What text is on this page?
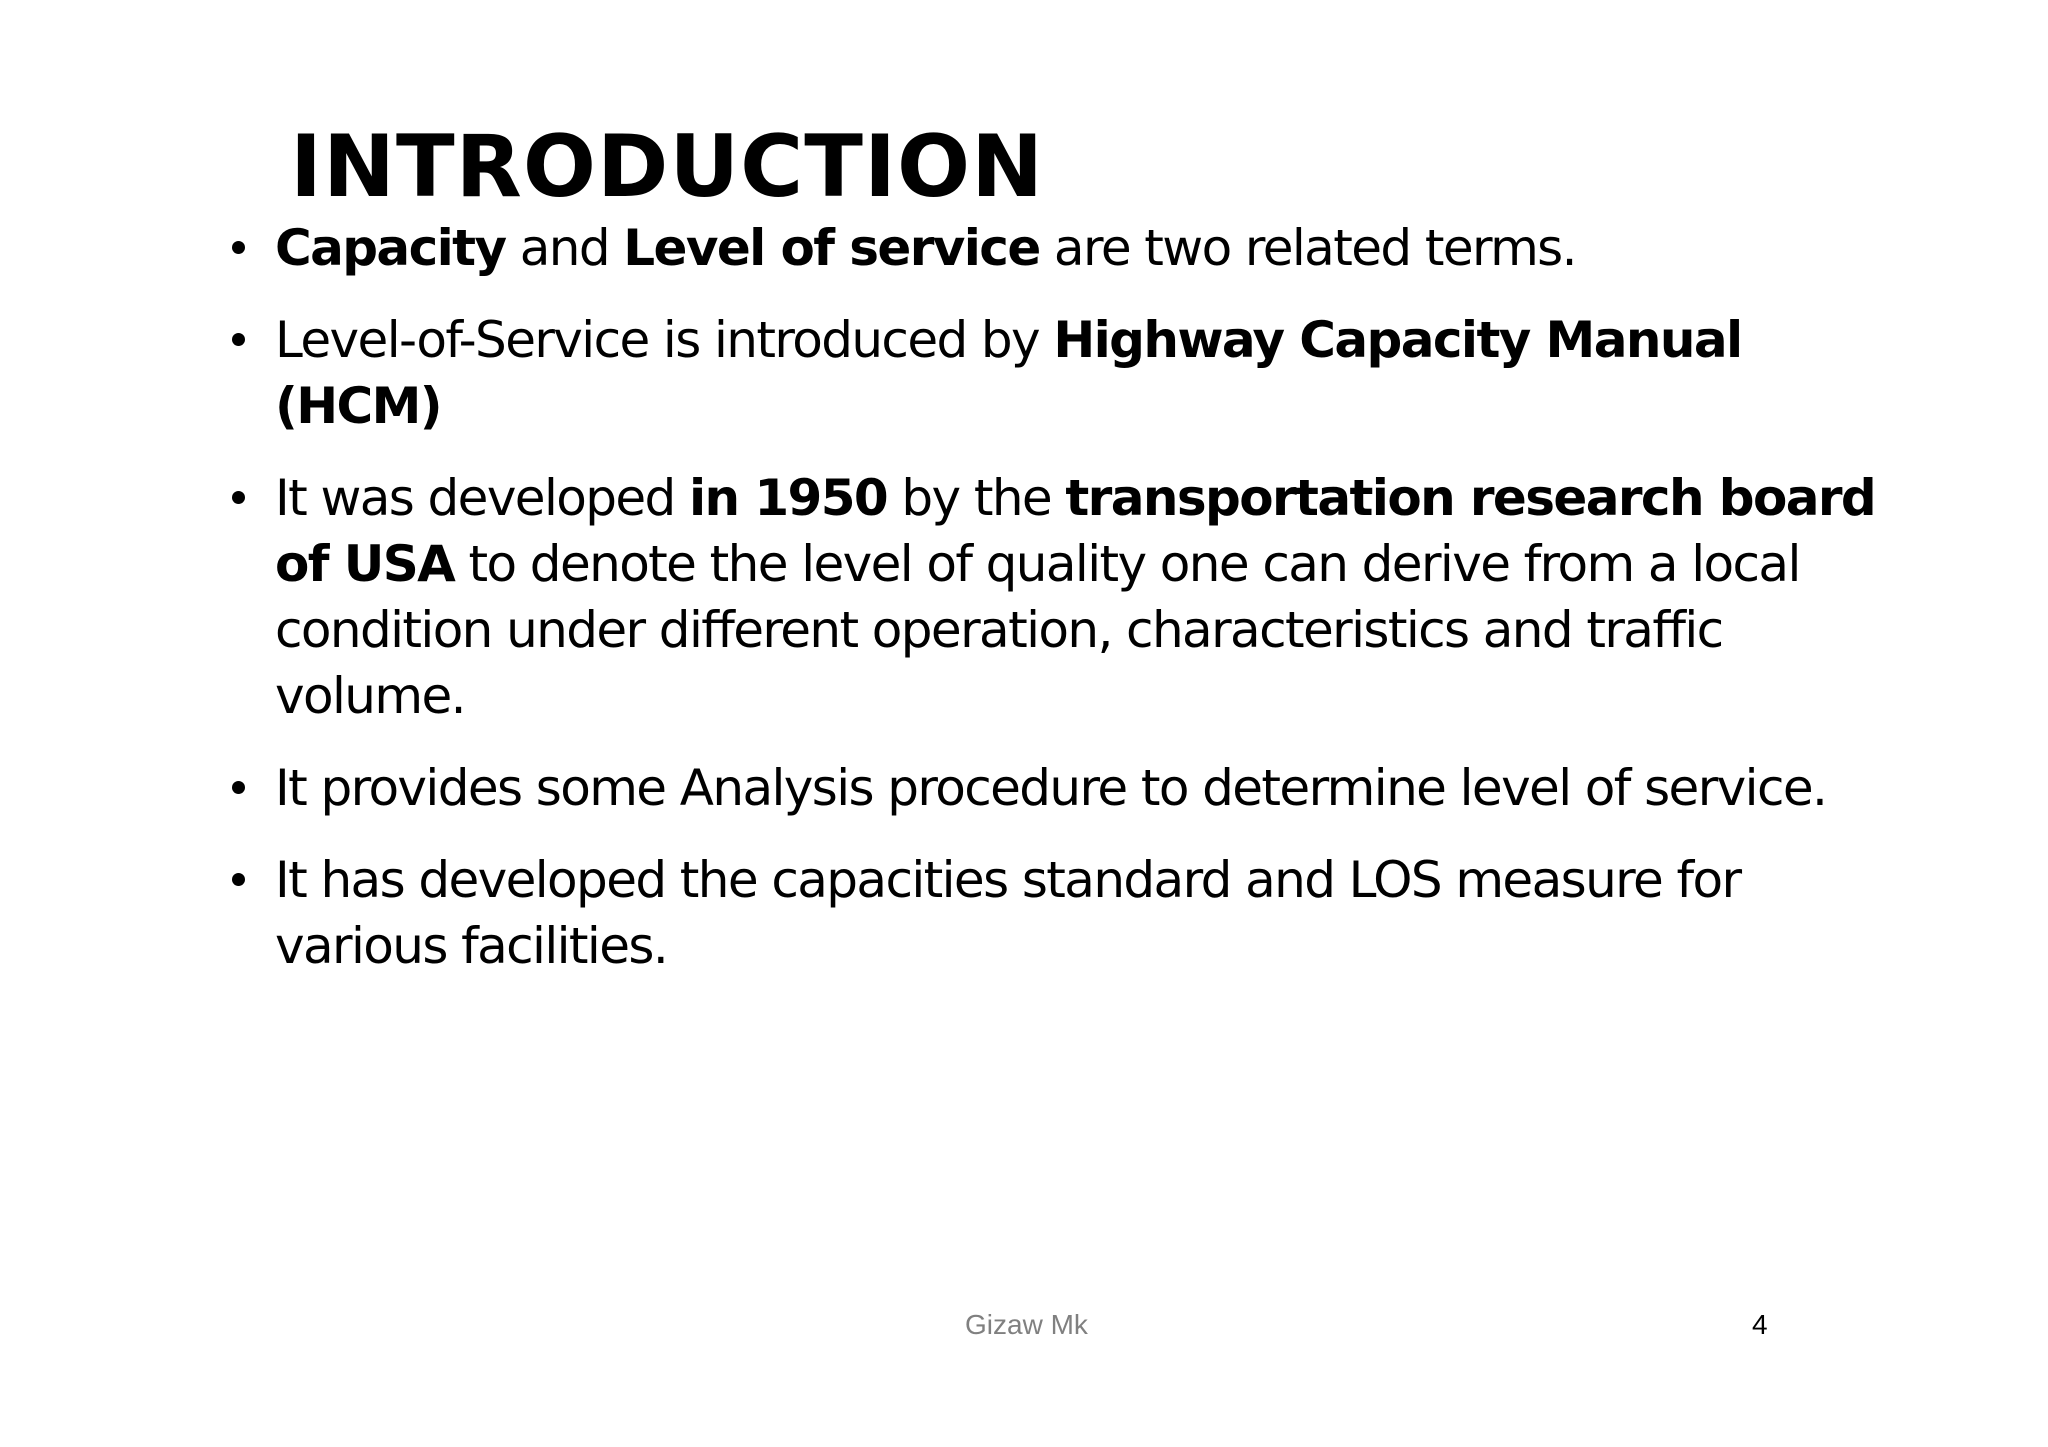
INTRODUCTION
Capacity and Level of service are two related terms.
Level-of-Service is introduced by Highway Capacity Manual (HCM)
It was developed in 1950 by the transportation research board of USA to denote the level of quality one can derive from a local condition under different operation, characteristics and traffic volume.
It provides some Analysis procedure to determine level of service.
It has developed the capacities standard and LOS measure for various facilities.
Gizaw Mk	4
